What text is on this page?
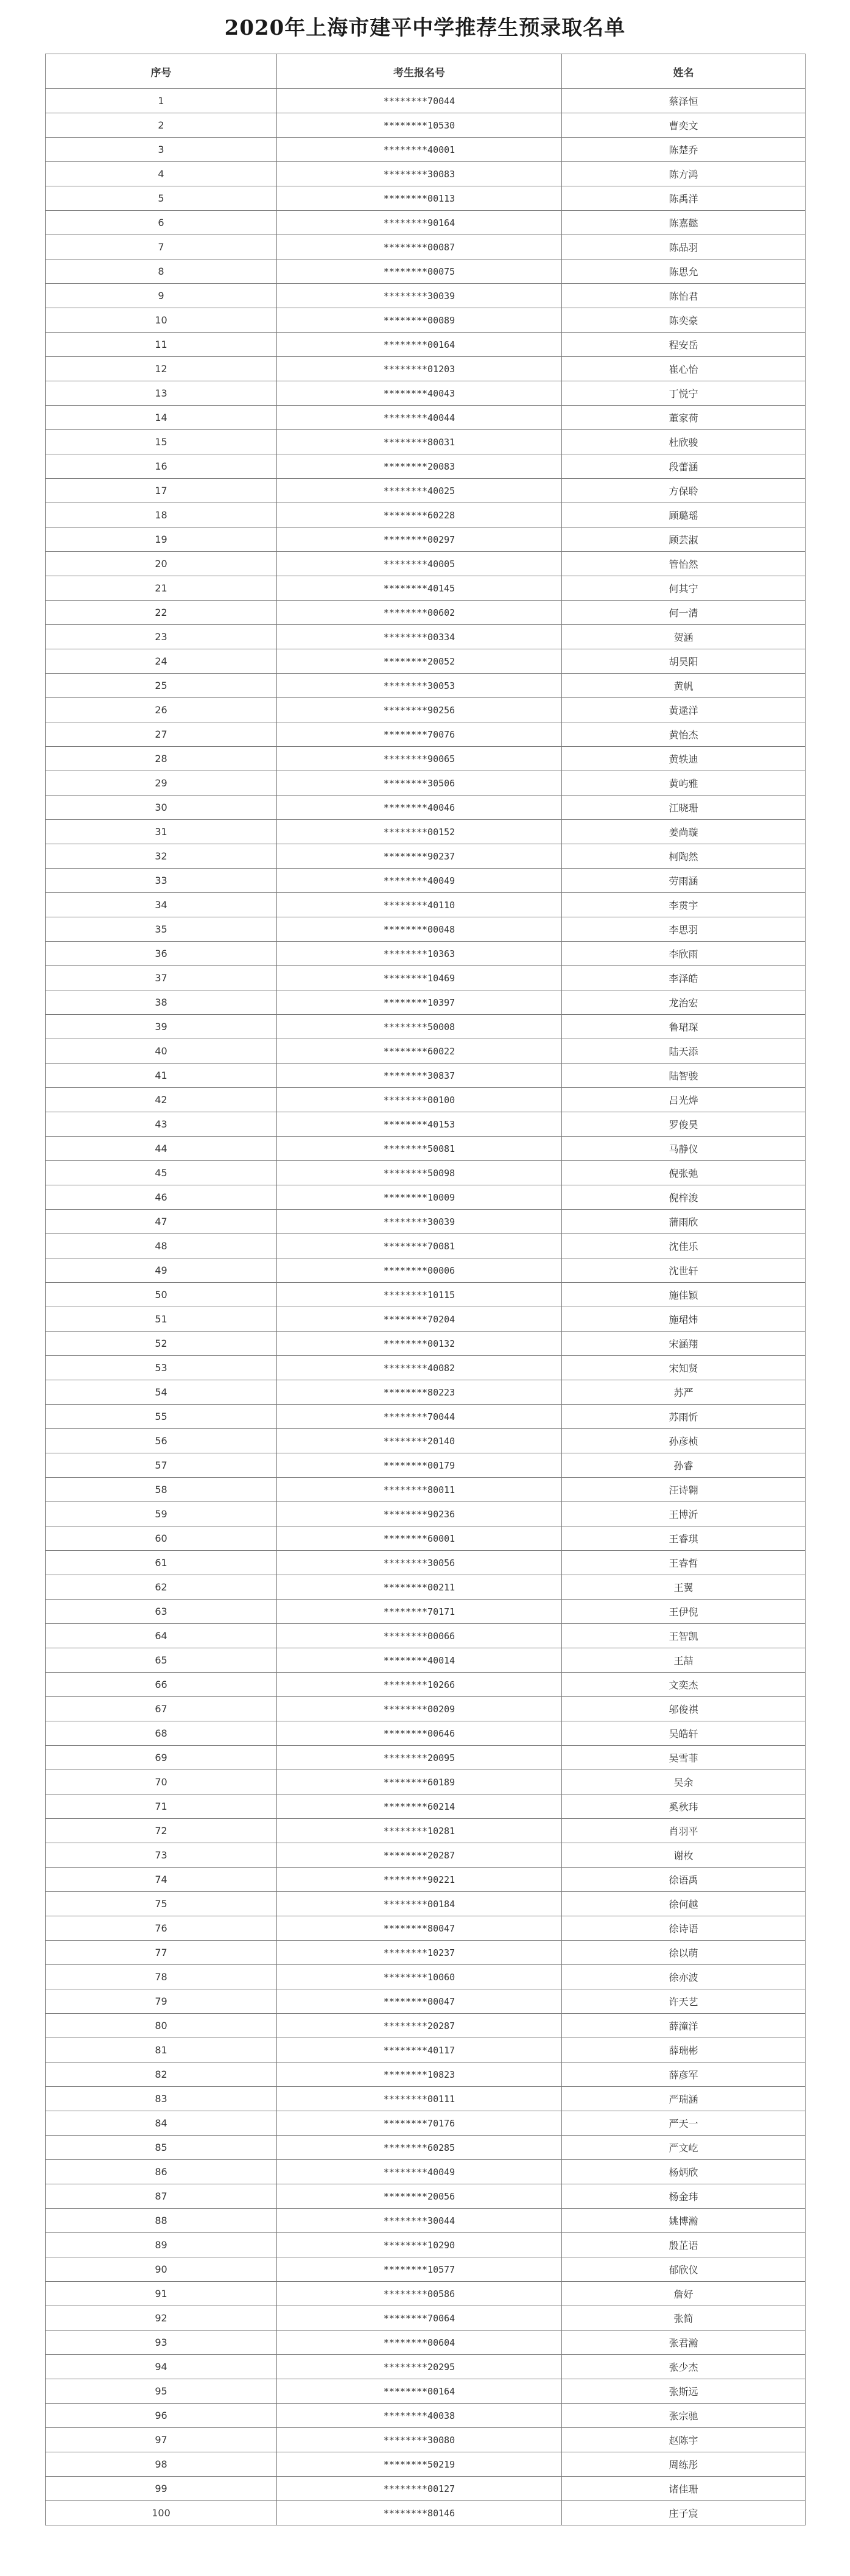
2020年上海市建平中学推荐生预录取名单
序号	考生报名号	姓名
1	********70044	蔡泽恒
2	********10530	曹奕文
3	********40001	陈楚乔
4	********30083	陈方鸿
5	********00113	陈禹洋
6	********90164	陈嘉懿
7	********00087	陈品羽
8	********00075	陈思允
9	********30039	陈怡君
10	********00089	陈奕豪
11	********00164	程安岳
12	********01203	崔心怡
13	********40043	丁悦宁
14	********40044	董家荷
15	********80031	杜欣骏
16	********20083	段蕾涵
17	********40025	方保聆
18	********60228	顾璐瑶
19	********00297	顾芸淑
20	********40005	管怡然
21	********40145	何其宁
22	********00602	何一清
23	********00334	贺涵
24	********20052	胡昊阳
25	********30053	黄帆
26	********90256	黄逯洋
27	********70076	黄怡杰
28	********90065	黄轶迪
29	********30506	黄屿雅
30	********40046	江晓珊
31	********00152	姜尚璇
32	********90237	柯陶然
33	********40049	劳雨涵
34	********40110	李贯宇
35	********00048	李思羽
36	********10363	李欣雨
37	********10469	李泽皓
38	********10397	龙治宏
39	********50008	鲁珺琛
40	********60022	陆天添
41	********30837	陆智骏
42	********00100	吕光烨
43	********40153	罗俊昊
44	********50081	马静仪
45	********50098	倪张弛
46	********10009	倪梓浚
47	********30039	蒲雨欣
48	********70081	沈佳乐
49	********00006	沈世轩
50	********10115	施佳颖
51	********70204	施珺炜
52	********00132	宋涵翔
53	********40082	宋知贤
54	********80223	苏严
55	********70044	苏雨忻
56	********20140	孙彦桢
57	********00179	孙睿
58	********80011	汪诗翱
59	********90236	王博沂
60	********60001	王睿琪
61	********30056	王睿哲
62	********00211	王翼
63	********70171	王伊倪
64	********00066	王智凯
65	********40014	王喆
66	********10266	文奕杰
67	********00209	邬俊祺
68	********00646	吴皓轩
69	********20095	吴雪菲
70	********60189	吴余
71	********60214	奚秋玮
72	********10281	肖羽平
73	********20287	谢枚
74	********90221	徐语禹
75	********00184	徐何越
76	********80047	徐诗语
77	********10237	徐以萌
78	********10060	徐亦波
79	********00047	许天艺
80	********20287	薛潼洋
81	********40117	薛瑞彬
82	********10823	薛彦军
83	********00111	严瑞涵
84	********70176	严天一
85	********60285	严文屹
86	********40049	杨炳欣
87	********20056	杨金玮
88	********30044	姚博瀚
89	********10290	殷芷语
90	********10577	郁欣仪
91	********00586	詹好
92	********70064	张简
93	********00604	张君瀚
94	********20295	张少杰
95	********00164	张斯远
96	********40038	张宗驰
97	********30080	赵陈宇
98	********50219	周练彤
99	********00127	诸佳珊
100	********80146	庄子宸
